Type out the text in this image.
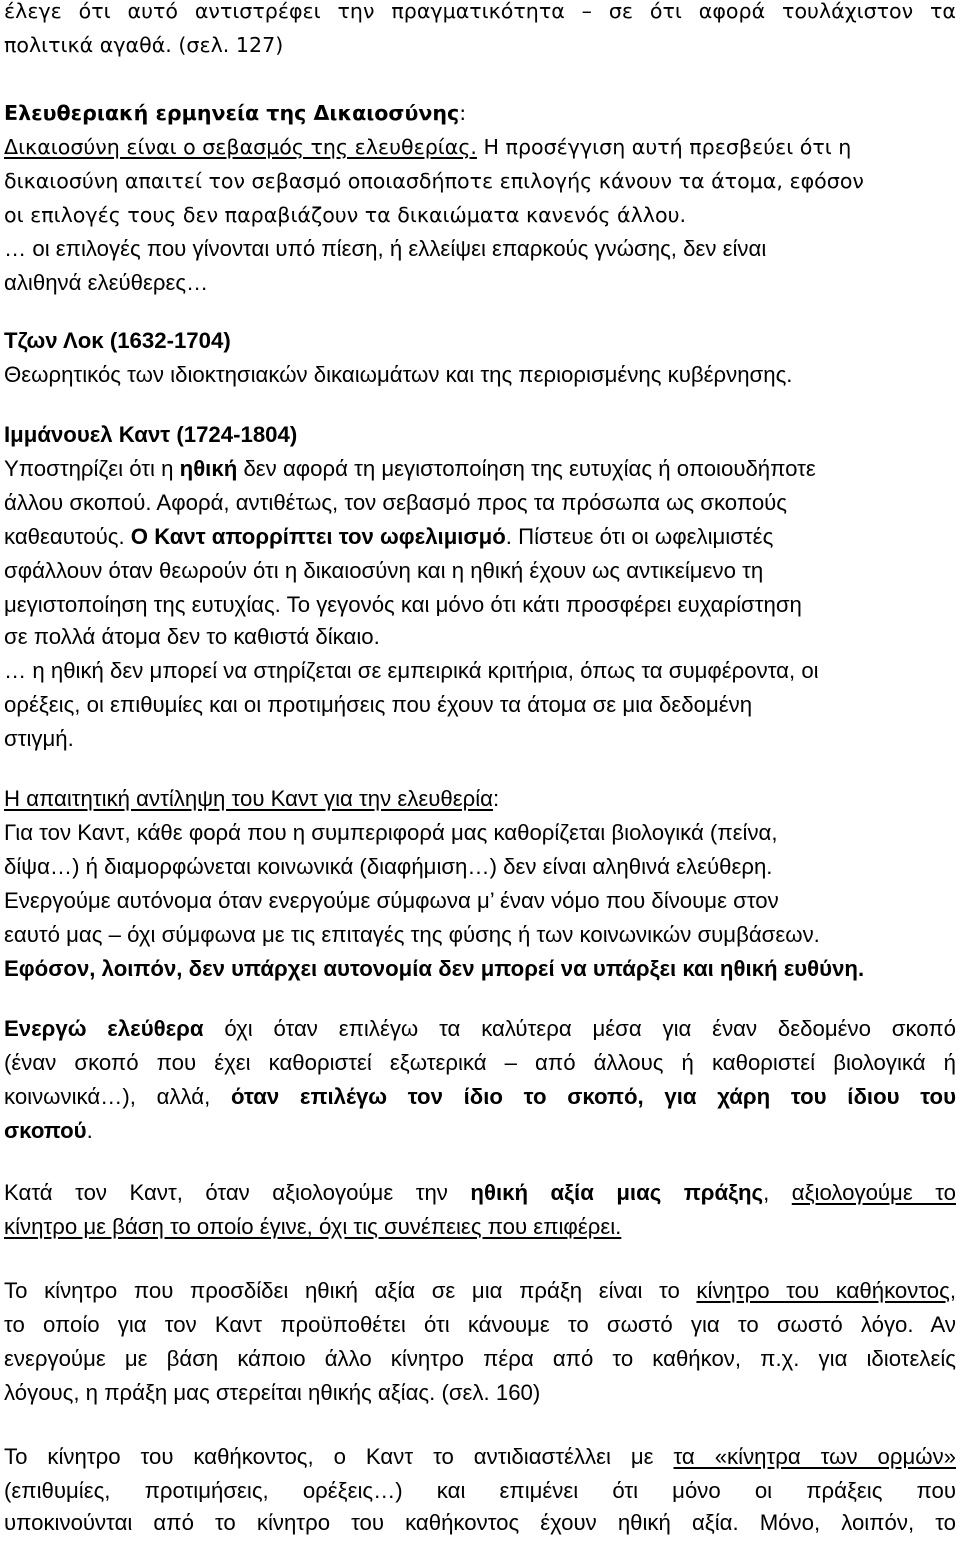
έλεγε ότι αυτό αντιστρέφει την πραγματικότητα – σε ότι αφορά τουλάχιστον τα
πολιτικά αγαθά. (σελ. 127)
Ελευθεριακή ερμηνεία της Δικαιοσύνης:
Δικαιοσύνη είναι ο σεβασμός της ελευθερίας. Η προσέγγιση αυτή πρεσβεύει ότι η
δικαιοσύνη απαιτεί τον σεβασμό οποιασδήποτε επιλογής κάνουν τα άτομα, εφόσον
οι επιλογές τους δεν παραβιάζουν τα δικαιώματα κανενός άλλου.
… οι επιλογές που γίνονται υπό πίεση, ή ελλείψει επαρκούς γνώσης, δεν είναι
αλιθηνά ελεύθερες…
Τζων Λοκ (1632-1704)
Θεωρητικός των ιδιοκτησιακών δικαιωμάτων και της περιορισμένης κυβέρνησης.
Ιμμάνουελ Καντ (1724-1804)
Υποστηρίζει ότι η ηθική δεν αφορά τη μεγιστοποίηση της ευτυχίας ή οποιουδήποτε
άλλου σκοπού. Αφορά, αντιθέτως, τον σεβασμό προς τα πρόσωπα ως σκοπούς
καθεαυτούς. Ο Καντ απορρίπτει τον ωφελιμισμό. Πίστευε ότι οι ωφελιμιστές
σφάλλουν όταν θεωρούν ότι η δικαιοσύνη και η ηθική έχουν ως αντικείμενο τη
μεγιστοποίηση της ευτυχίας. Το γεγονός και μόνο ότι κάτι προσφέρει ευχαρίστηση
σε πολλά άτομα δεν το καθιστά δίκαιο.
… η ηθική δεν μπορεί να στηρίζεται σε εμπειρικά κριτήρια, όπως τα συμφέροντα, οι
ορέξεις, οι επιθυμίες και οι προτιμήσεις που έχουν τα άτομα σε μια δεδομένη
στιγμή.
Η απαιτητική αντίληψη του Καντ για την ελευθερία:
Για τον Καντ, κάθε φορά που η συμπεριφορά μας καθορίζεται βιολογικά (πείνα,
δίψα…) ή διαμορφώνεται κοινωνικά (διαφήμιση…) δεν είναι αληθινά ελεύθερη.
Ενεργούμε αυτόνομα όταν ενεργούμε σύμφωνα μ’ έναν νόμο που δίνουμε στον
εαυτό μας – όχι σύμφωνα με τις επιταγές της φύσης ή των κοινωνικών συμβάσεων.
Εφόσον, λοιπόν, δεν υπάρχει αυτονομία δεν μπορεί να υπάρξει και ηθική ευθύνη.
Ενεργώ ελεύθερα όχι όταν επιλέγω τα καλύτερα μέσα για έναν δεδομένο σκοπό
(έναν σκοπό που έχει καθοριστεί εξωτερικά – από άλλους ή καθοριστεί βιολογικά ή
κοινωνικά…), αλλά, όταν επιλέγω τον ίδιο το σκοπό, για χάρη του ίδιου του
σκοπού.
Κατά τον Καντ, όταν αξιολογούμε την ηθική αξία μιας πράξης, αξιολογούμε το
κίνητρο με βάση το οποίο έγινε, όχι τις συνέπειες που επιφέρει.
Το κίνητρο που προσδίδει ηθική αξία σε μια πράξη είναι το κίνητρο του καθήκοντος,
το οποίο για τον Καντ προϋποθέτει ότι κάνουμε το σωστό για το σωστό λόγο. Αν
ενεργούμε με βάση κάποιο άλλο κίνητρο πέρα από το καθήκον, π.χ. για ιδιοτελείς
λόγους, η πράξη μας στερείται ηθικής αξίας. (σελ. 160)
Το κίνητρο του καθήκοντος, ο Καντ το αντιδιαστέλλει με τα «κίνητρα των ορμών»
(επιθυμίες, προτιμήσεις, ορέξεις…) και επιμένει ότι μόνο οι πράξεις που
υποκινούνται από το κίνητρο του καθήκοντος έχουν ηθική αξία. Μόνο, λοιπόν, το
